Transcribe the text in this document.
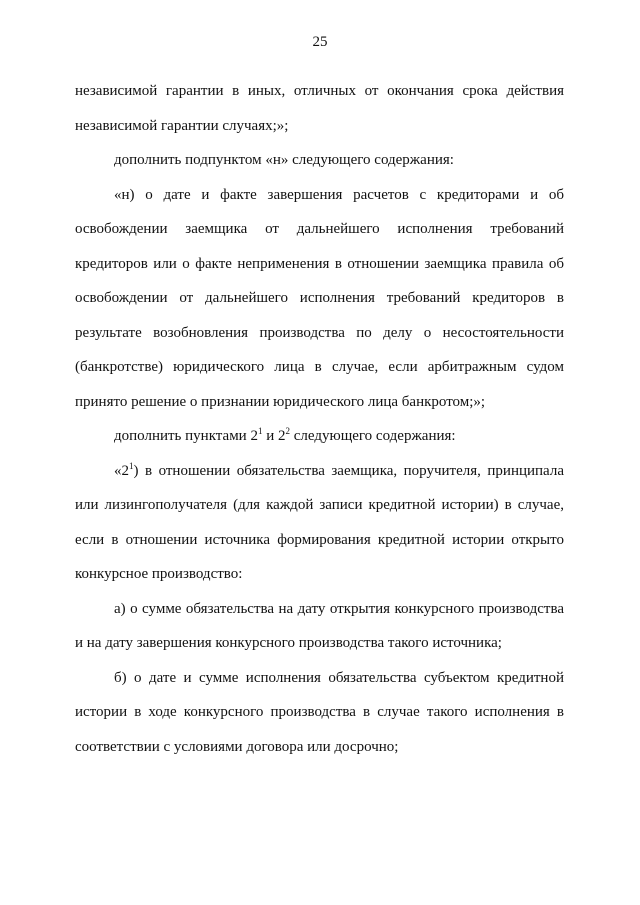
25

независимой гарантии в иных, отличных от окончания срока действия независимой гарантии случаях;»;

дополнить подпунктом «н» следующего содержания:

«н) о дате и факте завершения расчетов с кредиторами и об освобождении заемщика от дальнейшего исполнения требований кредиторов или о факте неприменения в отношении заемщика правила об освобождении от дальнейшего исполнения требований кредиторов в результате возобновления производства по делу о несостоятельности (банкротстве) юридического лица в случае, если арбитражным судом принято решение о признании юридического лица банкротом;»;

дополнить пунктами $2^1$ и $2^2$ следующего содержания:

«$2^1$) в отношении обязательства заемщика, поручителя, принципала или лизингополучателя (для каждой записи кредитной истории) в случае, если в отношении источника формирования кредитной истории открыто конкурсное производство:

а) о сумме обязательства на дату открытия конкурсного производства и на дату завершения конкурсного производства такого источника;

б) о дате и сумме исполнения обязательства субъектом кредитной истории в ходе конкурсного производства в случае такого исполнения в соответствии с условиями договора или досрочно;
